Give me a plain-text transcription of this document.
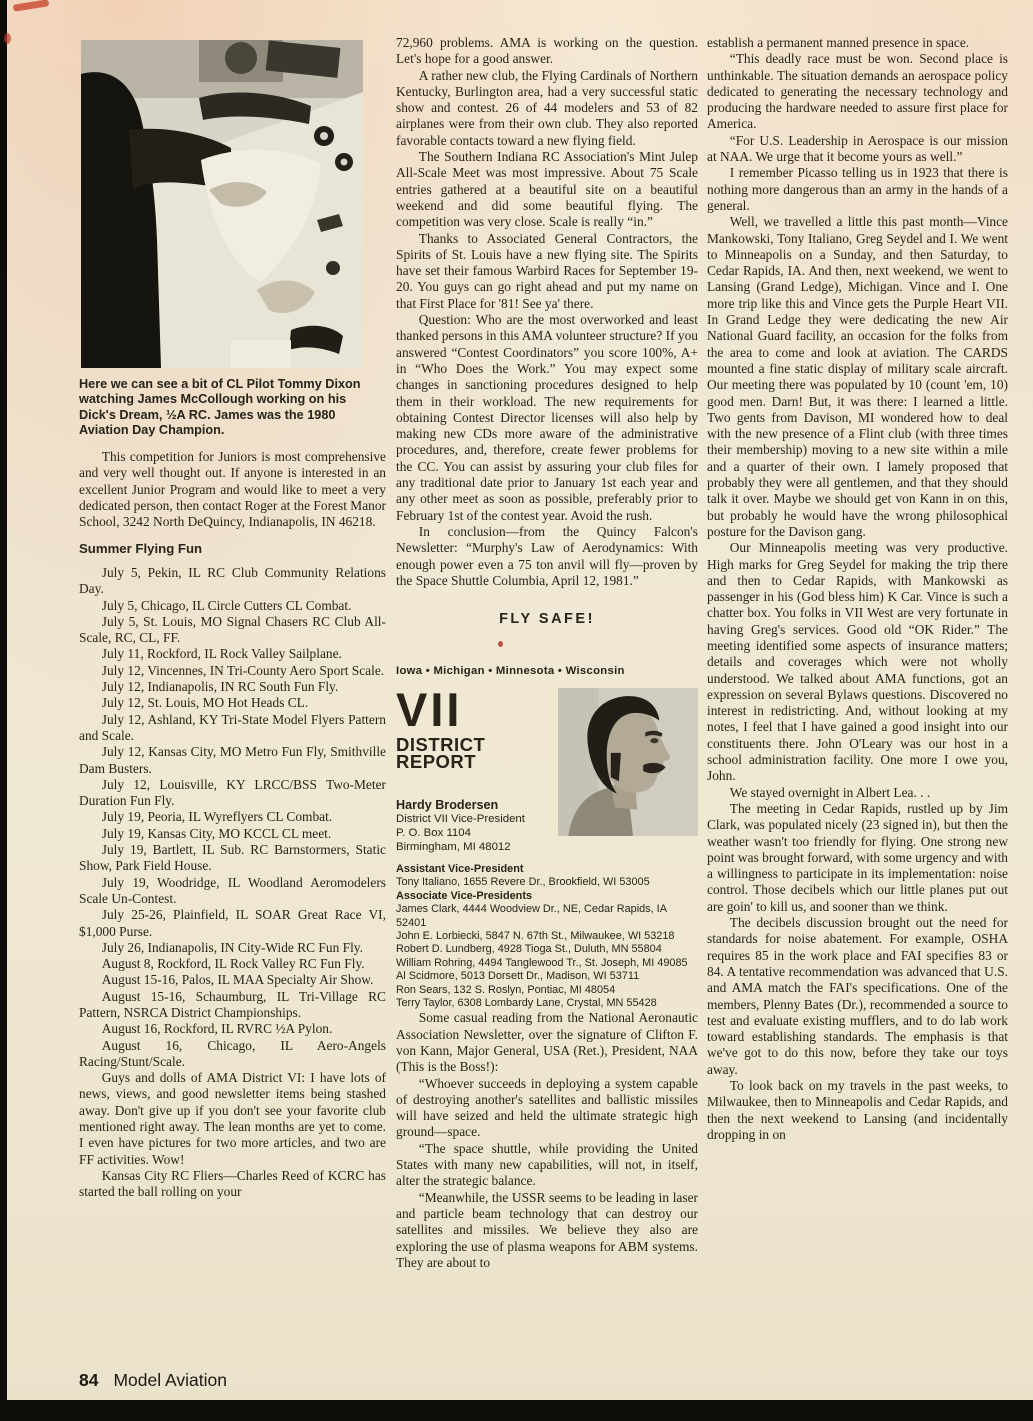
Here we can see a bit of CL Pilot Tommy Dixon watching James McCollough working on his Dick's Dream, ½A RC. James was the 1980 Aviation Day Champion.

This competition for Juniors is most comprehensive and very well thought out. If anyone is interested in an excellent Junior Program and would like to meet a very dedicated person, then contact Roger at the Forest Manor School, 3242 North DeQuincy, Indianapolis, IN 46218.

Summer Flying Fun

July 5, Pekin, IL RC Club Community Relations Day.

July 5, Chicago, IL Circle Cutters CL Combat.

July 5, St. Louis, MO Signal Chasers RC Club All-Scale, RC, CL, FF.

July 11, Rockford, IL Rock Valley Sailplane.

July 12, Vincennes, IN Tri-County Aero Sport Scale.

July 12, Indianapolis, IN RC South Fun Fly.

July 12, St. Louis, MO Hot Heads CL.

July 12, Ashland, KY Tri-State Model Flyers Pattern and Scale.

July 12, Kansas City, MO Metro Fun Fly, Smithville Dam Busters.

July 12, Louisville, KY LRCC/BSS Two-Meter Duration Fun Fly.

July 19, Peoria, IL Wyreflyers CL Combat.

July 19, Kansas City, MO KCCL CL meet.

July 19, Bartlett, IL Sub. RC Barnstormers, Static Show, Park Field House.

July 19, Woodridge, IL Woodland Aeromodelers Scale Un-Contest.

July 25-26, Plainfield, IL SOAR Great Race VI, $1,000 Purse.

July 26, Indianapolis, IN City-Wide RC Fun Fly.

August 8, Rockford, IL Rock Valley RC Fun Fly.

August 15-16, Palos, IL MAA Specialty Air Show.

August 15-16, Schaumburg, IL Tri-Village RC Pattern, NSRCA District Championships.

August 16, Rockford, IL RVRC ½A Pylon.

August 16, Chicago, IL Aero-Angels Racing/Stunt/Scale.

Guys and dolls of AMA District VI: I have lots of news, views, and good newsletter items being stashed away. Don't give up if you don't see your favorite club mentioned right away. The lean months are yet to come. I even have pictures for two more articles, and two are FF activities. Wow!

Kansas City RC Fliers—Charles Reed of KCRC has started the ball rolling on your

72,960 problems. AMA is working on the question. Let's hope for a good answer.

A rather new club, the Flying Cardinals of Northern Kentucky, Burlington area, had a very successful static show and contest. 26 of 44 modelers and 53 of 82 airplanes were from their own club. They also reported favorable contacts toward a new flying field.

The Southern Indiana RC Association's Mint Julep All-Scale Meet was most impressive. About 75 Scale entries gathered at a beautiful site on a beautiful weekend and did some beautiful flying. The competition was very close. Scale is really “in.”

Thanks to Associated General Contractors, the Spirits of St. Louis have a new flying site. The Spirits have set their famous Warbird Races for September 19-20. You guys can go right ahead and put my name on that First Place for '81! See ya' there.

Question: Who are the most overworked and least thanked persons in this AMA volunteer structure? If you answered “Contest Coordinators” you score 100%, A+ in “Who Does the Work.” You may expect some changes in sanctioning procedures designed to help them in their workload. The new requirements for obtaining Contest Director licenses will also help by making new CDs more aware of the administrative procedures, and, therefore, create fewer problems for the CC. You can assist by assuring your club files for any traditional date prior to January 1st each year and any other meet as soon as possible, preferably prior to February 1st of the contest year. Avoid the rush.

In conclusion—from the Quincy Falcon's Newsletter: “Murphy's Law of Aerodynamics: With enough power even a 75 ton anvil will fly—proven by the Space Shuttle Columbia, April 12, 1981.”

FLY SAFE!

Iowa • Michigan • Minnesota • Wisconsin
VII
DISTRICT REPORT
Hardy Brodersen
District VII Vice-President
P. O. Box 1104
Birmingham, MI 48012
Assistant Vice-President
Tony Italiano, 1655 Revere Dr., Brookfield, WI 53005
Associate Vice-Presidents
James Clark, 4444 Woodview Dr., NE, Cedar Rapids, IA 52401
John E. Lorbiecki, 5847 N. 67th St., Milwaukee, WI 53218
Robert D. Lundberg, 4928 Tioga St., Duluth, MN 55804
William Rohring, 4494 Tanglewood Tr., St. Joseph, MI 49085
Al Scidmore, 5013 Dorsett Dr., Madison, WI 53711
Ron Sears, 132 S. Roslyn, Pontiac, MI 48054
Terry Taylor, 6308 Lombardy Lane, Crystal, MN 55428

Some casual reading from the National Aeronautic Association Newsletter, over the signature of Clifton F. von Kann, Major General, USA (Ret.), President, NAA (This is the Boss!):

“Whoever succeeds in deploying a system capable of destroying another's satellites and ballistic missiles will have seized and held the ultimate strategic high ground—space.

“The space shuttle, while providing the United States with many new capabilities, will not, in itself, alter the strategic balance.

“Meanwhile, the USSR seems to be leading in laser and particle beam technology that can destroy our satellites and missiles. We believe they also are exploring the use of plasma weapons for ABM systems. They are about to

establish a permanent manned presence in space.

“This deadly race must be won. Second place is unthinkable. The situation demands an aerospace policy dedicated to generating the necessary technology and producing the hardware needed to assure first place for America.

“For U.S. Leadership in Aerospace is our mission at NAA. We urge that it become yours as well.”

I remember Picasso telling us in 1923 that there is nothing more dangerous than an army in the hands of a general.

Well, we travelled a little this past month—Vince Mankowski, Tony Italiano, Greg Seydel and I. We went to Minneapolis on a Sunday, and then Saturday, to Cedar Rapids, IA. And then, next weekend, we went to Lansing (Grand Ledge), Michigan. Vince and I. One more trip like this and Vince gets the Purple Heart VII. In Grand Ledge they were dedicating the new Air National Guard facility, an occasion for the folks from the area to come and look at aviation. The CARDS mounted a fine static display of military scale aircraft. Our meeting there was populated by 10 (count 'em, 10) good men. Darn! But, it was there: I learned a little. Two gents from Davison, MI wondered how to deal with the new presence of a Flint club (with three times their membership) moving to a new site within a mile and a quarter of their own. I lamely proposed that probably they were all gentlemen, and that they should talk it over. Maybe we should get von Kann in on this, but probably he would have the wrong philosophical posture for the Davison gang.

Our Minneapolis meeting was very productive. High marks for Greg Seydel for making the trip there and then to Cedar Rapids, with Mankowski as passenger in his (God bless him) K Car. Vince is such a chatter box. You folks in VII West are very fortunate in having Greg's services. Good old “OK Rider.” The meeting identified some aspects of insurance matters; details and coverages which were not wholly understood. We talked about AMA functions, got an expression on several Bylaws questions. Discovered no interest in redistricting. And, without looking at my notes, I feel that I have gained a good insight into our constituents there. John O'Leary was our host in a school administration facility. One more I owe you, John.

We stayed overnight in Albert Lea. . .

The meeting in Cedar Rapids, rustled up by Jim Clark, was populated nicely (23 signed in), but then the weather wasn't too friendly for flying. One strong new point was brought forward, with some urgency and with a willingness to participate in its implementation: noise control. Those decibels which our little planes put out are goin' to kill us, and sooner than we think.

The decibels discussion brought out the need for standards for noise abatement. For example, OSHA requires 85 in the work place and FAI specifies 83 or 84. A tentative recommendation was advanced that U.S. and AMA match the FAI's specifications. One of the members, Plenny Bates (Dr.), recommended a source to test and evaluate existing mufflers, and to do lab work toward establishing standards. The emphasis is that we've got to do this now, before they take our toys away.

To look back on my travels in the past weeks, to Milwaukee, then to Minneapolis and Cedar Rapids, and then the next weekend to Lansing (and incidentally dropping in on

84 Model Aviation
